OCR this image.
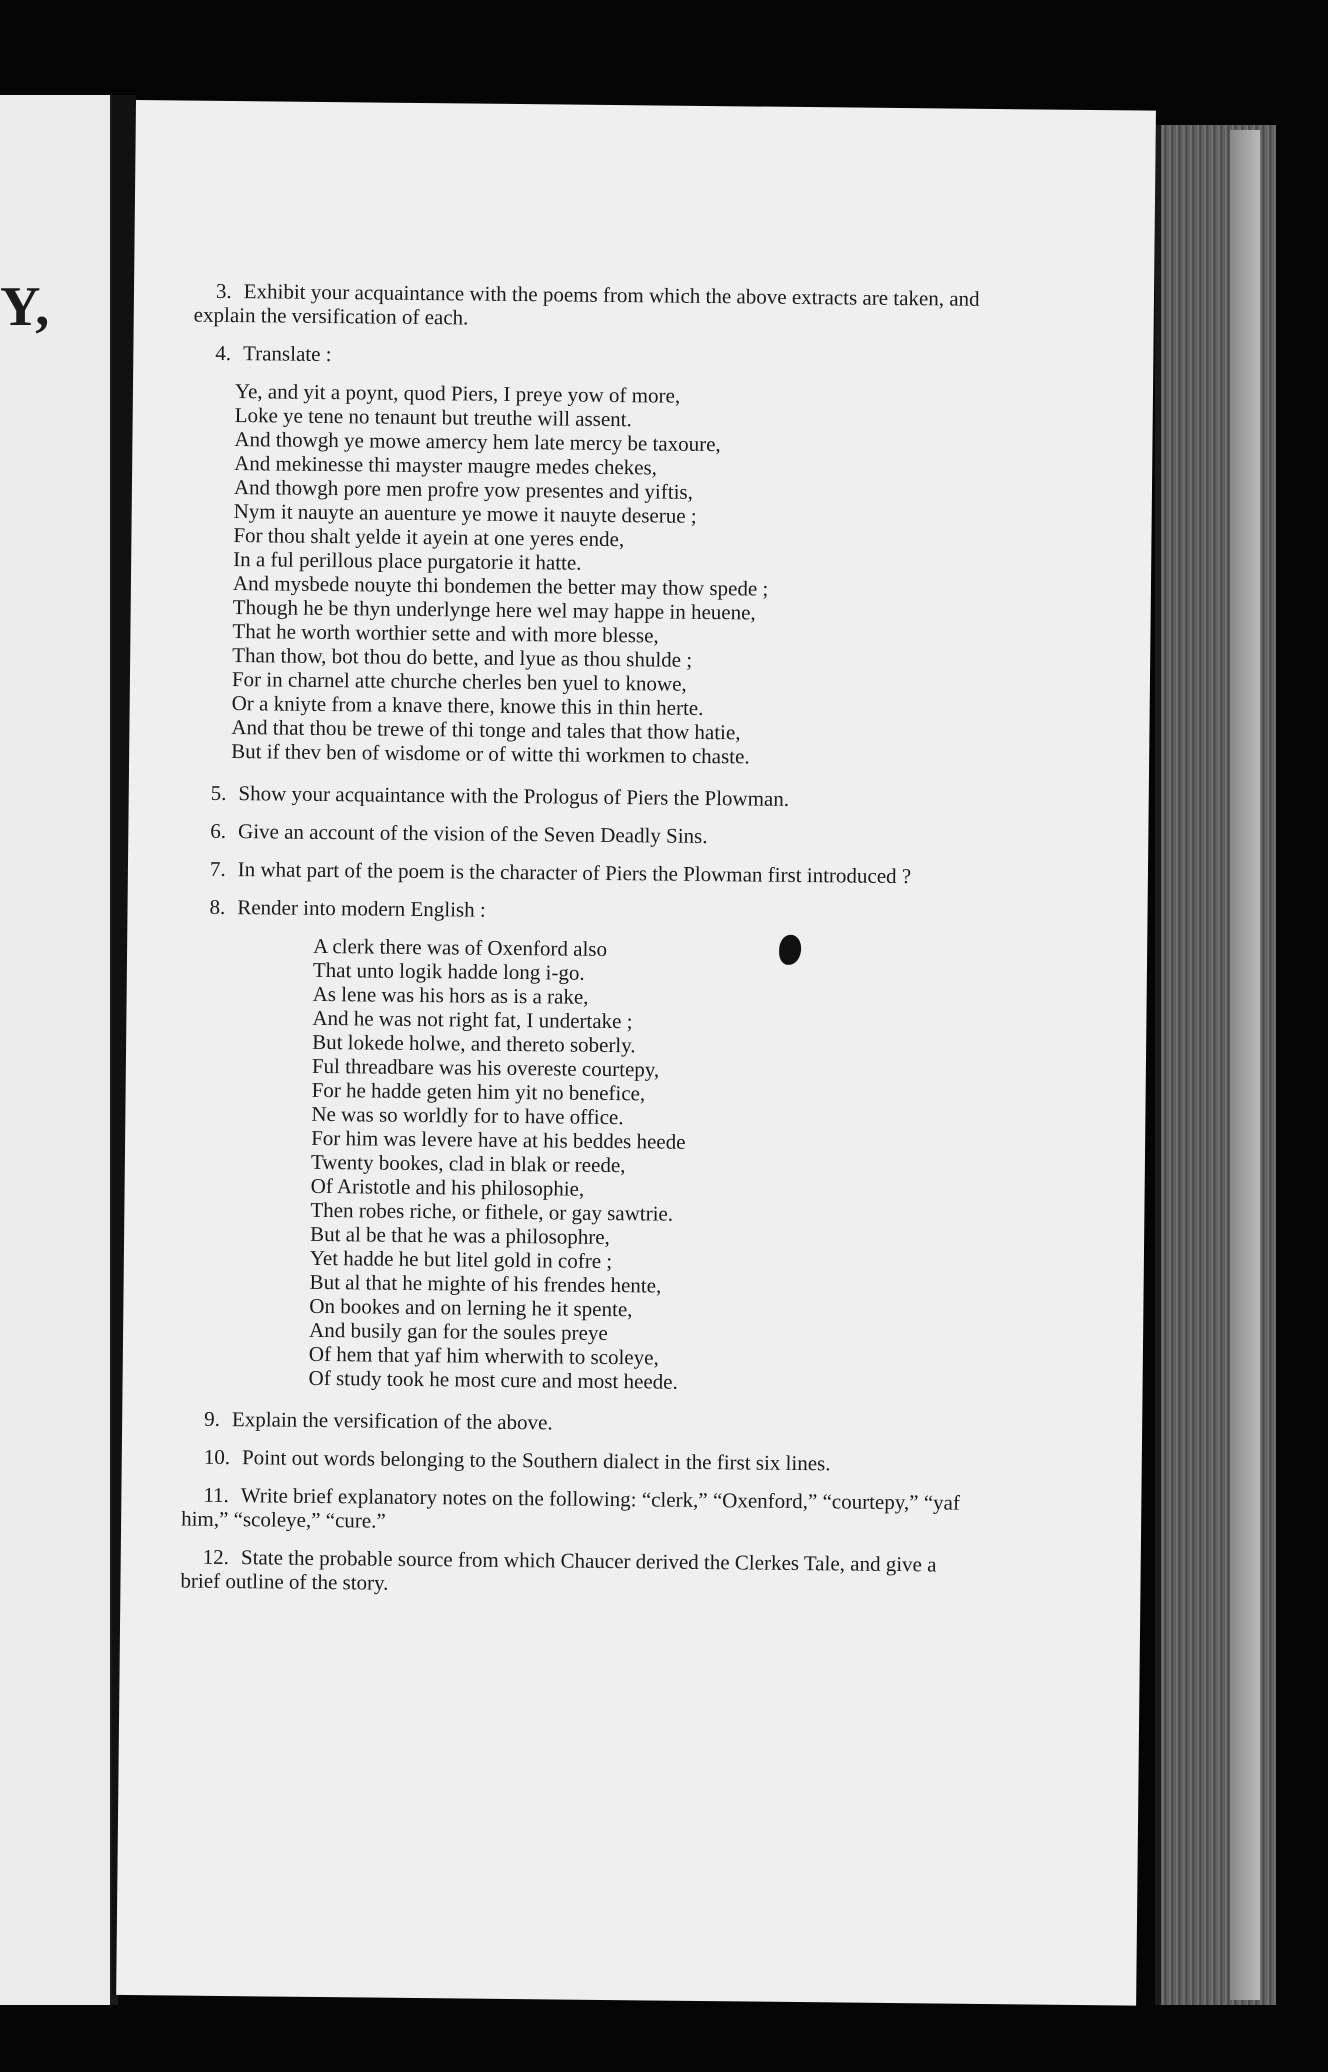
Y,	3. Exhibit your acquaintance with the poems from which the above extracts are taken, and explain the versification of each.

4. Translate :

Ye, and yit a poynt, quod Piers, I preye yow of more,
Loke ye tene no tenaunt but treuthe will assent.
And thowgh ye mowe amercy hem late mercy be taxoure,
And mekinesse thi mayster maugre medes chekes,
And thowgh pore men profre yow presentes and yiftis,
Nym it nauyte an auenture ye mowe it nauyte deserue ;
For thou shalt yelde it ayein at one yeres ende,
In a ful perillous place purgatorie it hatte.
And mysbede nouyte thi bondemen the better may thow spede ;
Though he be thyn underlynge here wel may happe in heuene,
That he worth worthier sette and with more blesse,
Than thow, bot thou do bette, and lyue as thou shulde ;
For in charnel atte churche cherles ben yuel to knowe,
Or a kniyte from a knave there, knowe this in thin herte.
And that thou be trewe of thi tonge and tales that thow hatie,
But if thev ben of wisdome or of witte thi workmen to chaste.

5. Show your acquaintance with the Prologus of Piers the Plowman.

6. Give an account of the vision of the Seven Deadly Sins.

7. In what part of the poem is the character of Piers the Plowman first introduced ?

8. Render into modern English :

A clerk there was of Oxenford also
That unto logik hadde long i-go.
As lene was his hors as is a rake,
And he was not right fat, I undertake ;
But lokede holwe, and thereto soberly.
Ful threadbare was his overeste courtepy,
For he hadde geten him yit no benefice,
Ne was so worldly for to have office.
For him was levere have at his beddes heede
Twenty bookes, clad in blak or reede,
Of Aristotle and his philosophie,
Then robes riche, or fithele, or gay sawtrie.
But al be that he was a philosophre,
Yet hadde he but litel gold in cofre ;
But al that he mighte of his frendes hente,
On bookes and on lerning he it spente,
And busily gan for the soules preye
Of hem that yaf him wherwith to scoleye,
Of study took he most cure and most heede.

9. Explain the versification of the above.

10. Point out words belonging to the Southern dialect in the first six lines.

11. Write brief explanatory notes on the following: “clerk,” “Oxenford,” “courtepy,” “yaf him,” “scoleye,” “cure.”

12. State the probable source from which Chaucer derived the Clerkes Tale, and give a brief outline of the story.
